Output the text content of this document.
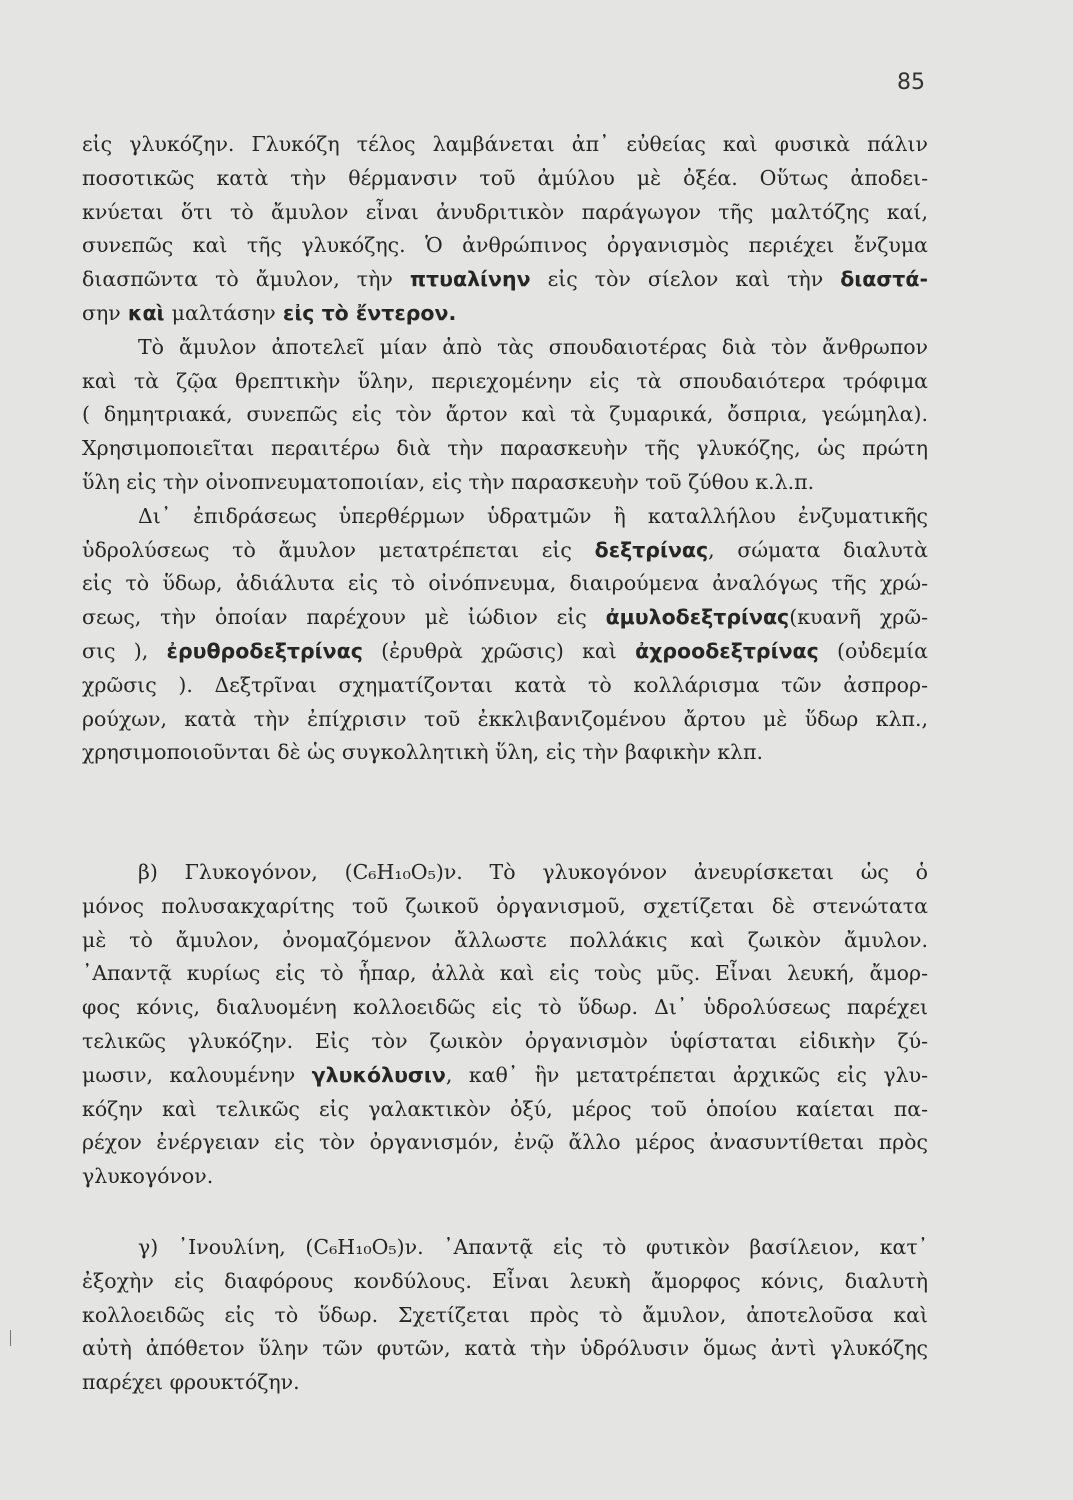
85
εἰς γλυκόζην. Γλυκόζη τέλος λαμβάνεται ἀπ᾿ εὐθείας καὶ φυσικὰ πάλιν
ποσοτικῶς κατὰ τὴν θέρμανσιν τοῦ ἀμύλου μὲ ὀξέα. Οὕτως ἀποδει-
κνύεται ὅτι τὸ ἄμυλον εἶναι ἀνυδριτικὸν παράγωγον τῆς μαλτόζης καί,
συνεπῶς καὶ τῆς γλυκόζης. Ὁ ἀνθρώπινος ὀργανισμὸς περιέχει ἔνζυμα
διασπῶντα τὸ ἄμυλον, τὴν πτυαλίνην εἰς τὸν σίελον καὶ τὴν διαστά-
σην καὶ μαλτάσην εἰς τὸ ἔντερον.
Τὸ ἄμυλον ἀποτελεῖ μίαν ἀπὸ τὰς σπουδαιοτέρας διὰ τὸν ἄνθρωπον
καὶ τὰ ζῷα θρεπτικὴν ὕλην, περιεχομένην εἰς τὰ σπουδαιότερα τρόφιμα
( δημητριακά, συνεπῶς εἰς τὸν ἄρτον καὶ τὰ ζυμαρικά, ὄσπρια, γεώμηλα).
Χρησιμοποιεῖται περαιτέρω διὰ τὴν παρασκευὴν τῆς γλυκόζης, ὡς πρώτη
ὕλη εἰς τὴν οἰνοπνευματοποιίαν, εἰς τὴν παρασκευὴν τοῦ ζύθου κ.λ.π.
Δι᾿ ἐπιδράσεως ὑπερθέρμων ὑδρατμῶν ἢ καταλλήλου ἐνζυματικῆς
ὑδρολύσεως τὸ ἄμυλον μετατρέπεται εἰς δεξτρίνας, σώματα διαλυτὰ
εἰς τὸ ὕδωρ, ἀδιάλυτα εἰς τὸ οἰνόπνευμα, διαιρούμενα ἀναλόγως τῆς χρώ-
σεως, τὴν ὁποίαν παρέχουν μὲ ἰώδιον εἰς ἀμυλοδεξτρίνας(κυανῆ χρῶ-
σις ), ἐρυθροδεξτρίνας (ἐρυθρὰ χρῶσις) καὶ ἀχροοδεξτρίνας (οὐδεμία
χρῶσις ). Δεξτρῖναι σχηματίζονται κατὰ τὸ κολλάρισμα τῶν ἀσπρορ-
ρούχων, κατὰ τὴν ἐπίχρισιν τοῦ ἐκκλιβανιζομένου ἄρτου μὲ ὕδωρ κλπ.,
χρησιμοποιοῦνται δὲ ὡς συγκολλητικὴ ὕλη, εἰς τὴν βαφικὴν κλπ.
β) Γλυκογόνον, (C₆H₁₀O₅)ν. Τὸ γλυκογόνον ἀνευρίσκεται ὡς ὁ
μόνος πολυσακχαρίτης τοῦ ζωικοῦ ὀργανισμοῦ, σχετίζεται δὲ στενώτατα
μὲ τὸ ἄμυλον, ὀνομαζόμενον ἄλλωστε πολλάκις καὶ ζωικὸν ἄμυλον.
᾿Απαντᾷ κυρίως εἰς τὸ ἧπαρ, ἀλλὰ καὶ εἰς τοὺς μῦς. Εἶναι λευκή, ἄμορ-
φος κόνις, διαλυομένη κολλοειδῶς εἰς τὸ ὕδωρ. Δι᾿ ὑδρολύσεως παρέχει
τελικῶς γλυκόζην. Εἰς τὸν ζωικὸν ὀργανισμὸν ὑφίσταται εἰδικὴν ζύ-
μωσιν, καλουμένην γλυκόλυσιν, καθ᾿ ἣν μετατρέπεται ἀρχικῶς εἰς γλυ-
κόζην καὶ τελικῶς εἰς γαλακτικὸν ὀξύ, μέρος τοῦ ὁποίου καίεται πα-
ρέχον ἐνέργειαν εἰς τὸν ὀργανισμόν, ἐνῷ ἄλλο μέρος ἀνασυντίθεται πρὸς
γλυκογόνον.
γ) ᾿Ινουλίνη, (C₆H₁₀O₅)ν. ᾿Απαντᾷ εἰς τὸ φυτικὸν βασίλειον, κατ᾿
ἐξοχὴν εἰς διαφόρους κονδύλους. Εἶναι λευκὴ ἄμορφος κόνις, διαλυτὴ
κολλοειδῶς εἰς τὸ ὕδωρ. Σχετίζεται πρὸς τὸ ἄμυλον, ἀποτελοῦσα καὶ
αὐτὴ ἀπόθετον ὕλην τῶν φυτῶν, κατὰ τὴν ὑδρόλυσιν ὅμως ἀντὶ γλυκόζης
παρέχει φρουκτόζην.
